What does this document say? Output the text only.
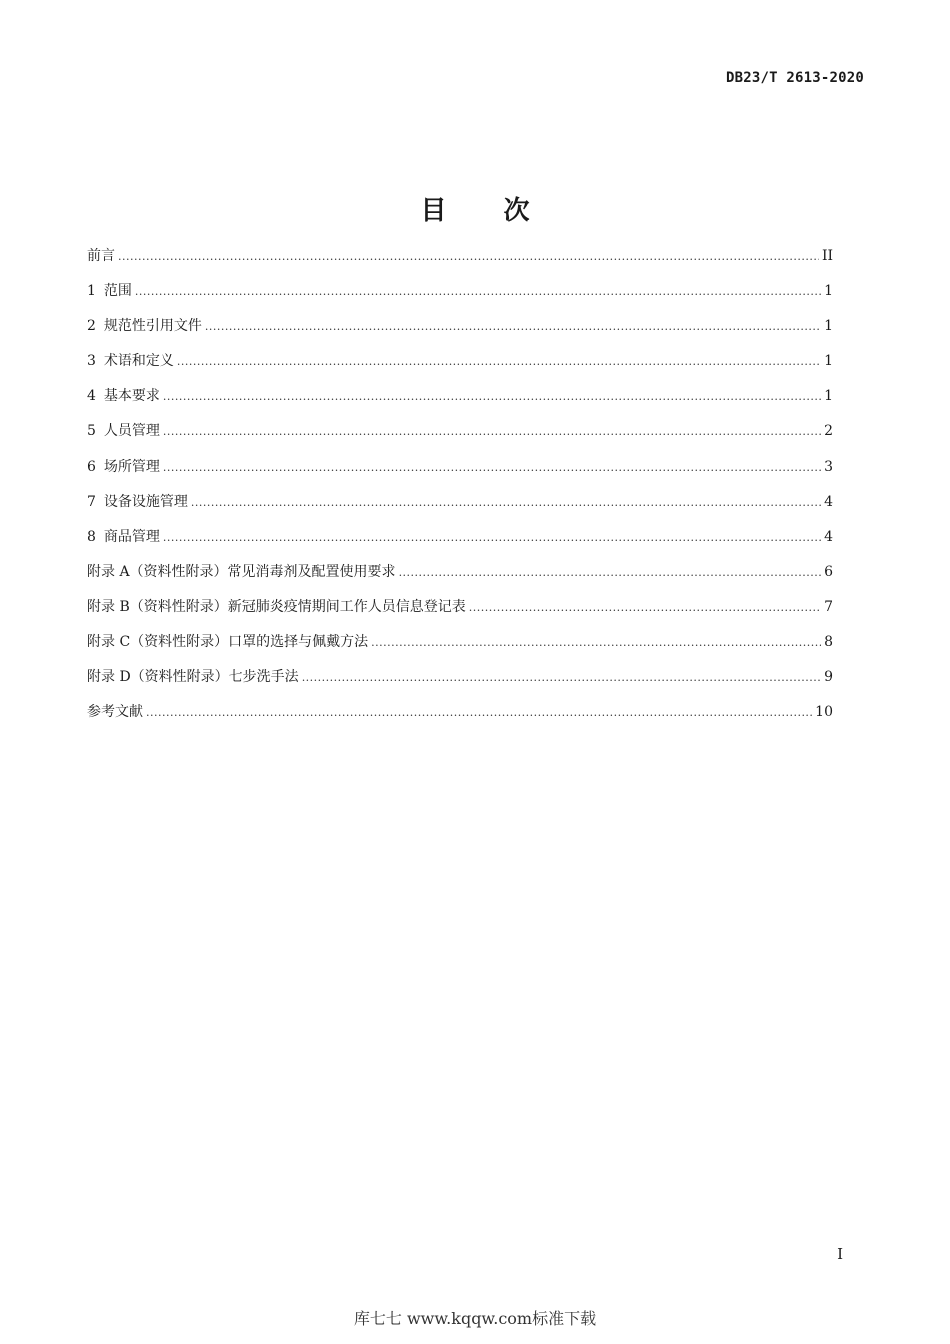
DB23/T 2613-2020
目 次
前言 .....	II
1 范围 .....	1
2 规范性引用文件 .....	1
3 术语和定义 .....	1
4 基本要求 .....	1
5 人员管理 .....	2
6 场所管理 .....	3
7 设备设施管理 .....	4
8 商品管理 .....	4
附录 A（资料性附录）常见消毒剂及配置使用要求 .....	6
附录 B（资料性附录）新冠肺炎疫情期间工作人员信息登记表 .....	7
附录 C（资料性附录）口罩的选择与佩戴方法 .....	8
附录 D（资料性附录）七步洗手法 .....	9
参考文献 .....	10
I
库七七 www.kqqw.com标准下载
